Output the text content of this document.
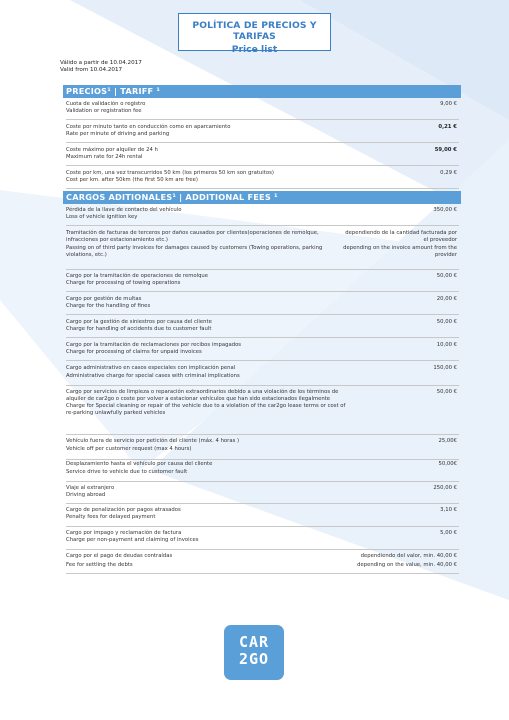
POLÍTICA DE PRECIOS Y TARIFAS
Price list
Válido a partir de 10.04.2017
Valid from 10.04.2017
PRECIOS¹ | TARIFF ¹
Cuota de validación o registro
Validation or registration fee
9,00 €
Coste por minuto tanto en conducción como en aparcamiento
Rate per minute of driving and parking
0,21 €
Coste máximo por alquiler de 24 h
Maximum rate for 24h rental
59,00 €
Coste por km, una vez transcurridos 50 km (los primeros 50 km son gratuitos)
Cost per km. after 50km (the first 50 km are free)
0,29 €
CARGOS ADITIONALES¹ | ADDITIONAL FEES ¹
Pérdida de la llave de contacto del vehículo
Loss of vehicle ignition key
350,00 €
Tramitación de facturas de terceros por daños causados por clientes(operaciones de remolque, infracciones por estacionamiento etc.)
Passing on of third party invoices for damages caused by customers (Towing operations, parking violations, etc.)
dependiendo de la cantidad facturada por el proveedor
depending on the invoice amount from the provider
Cargo por la tramitación de operaciones de remolque
Charge for processing of towing operations
50,00 €
Cargo por gestión de multas
Charge for the handling of fines
20,00 €
Cargo por la gestión de siniestros por causa del cliente
Charge for handling of accidents due to customer fault
50,00 €
Cargo por la tramitación de reclamaciones por recibos impagados
Charge for processing of claims for unpaid invoices
10,00 €
Cargo administrativo en casos especiales con implicación penal
Administrative charge for special cases with criminal implications
150,00 €
Cargo por servicios de limpieza o reparación extraordinarios debido a una violación de los términos de alquiler de car2go o coste por volver a estacionar vehículos que han sido estacionados ilegalmente
Charge for Special cleaning or repair of the vehicle due to a violation of the car2go lease terms or cost of re-parking unlawfully parked vehicles
50,00 €
Vehículo fuera de servicio por petición del cliente (máx. 4 horas )
Vehicle off per customer request (max 4 hours)
25,00€
Desplazamiento hasta el vehículo por causa del cliente
Service drive to vehicle due to customer fault
50,00€
Viaje al extranjero
Driving abroad
250,00 €
Cargo de penalización por pagos atrasados
Penalty fees for delayed payment
3,10 €
Cargo por impago y reclamación de factura
Charge per non-payment and claiming of invoices
5,00 €
Cargo por el pago de deudas contraídas
Fee for settling the debts
dependiendo del valor, min. 40,00 €
depending on the value, min. 40,00 €
CAR
2GO
